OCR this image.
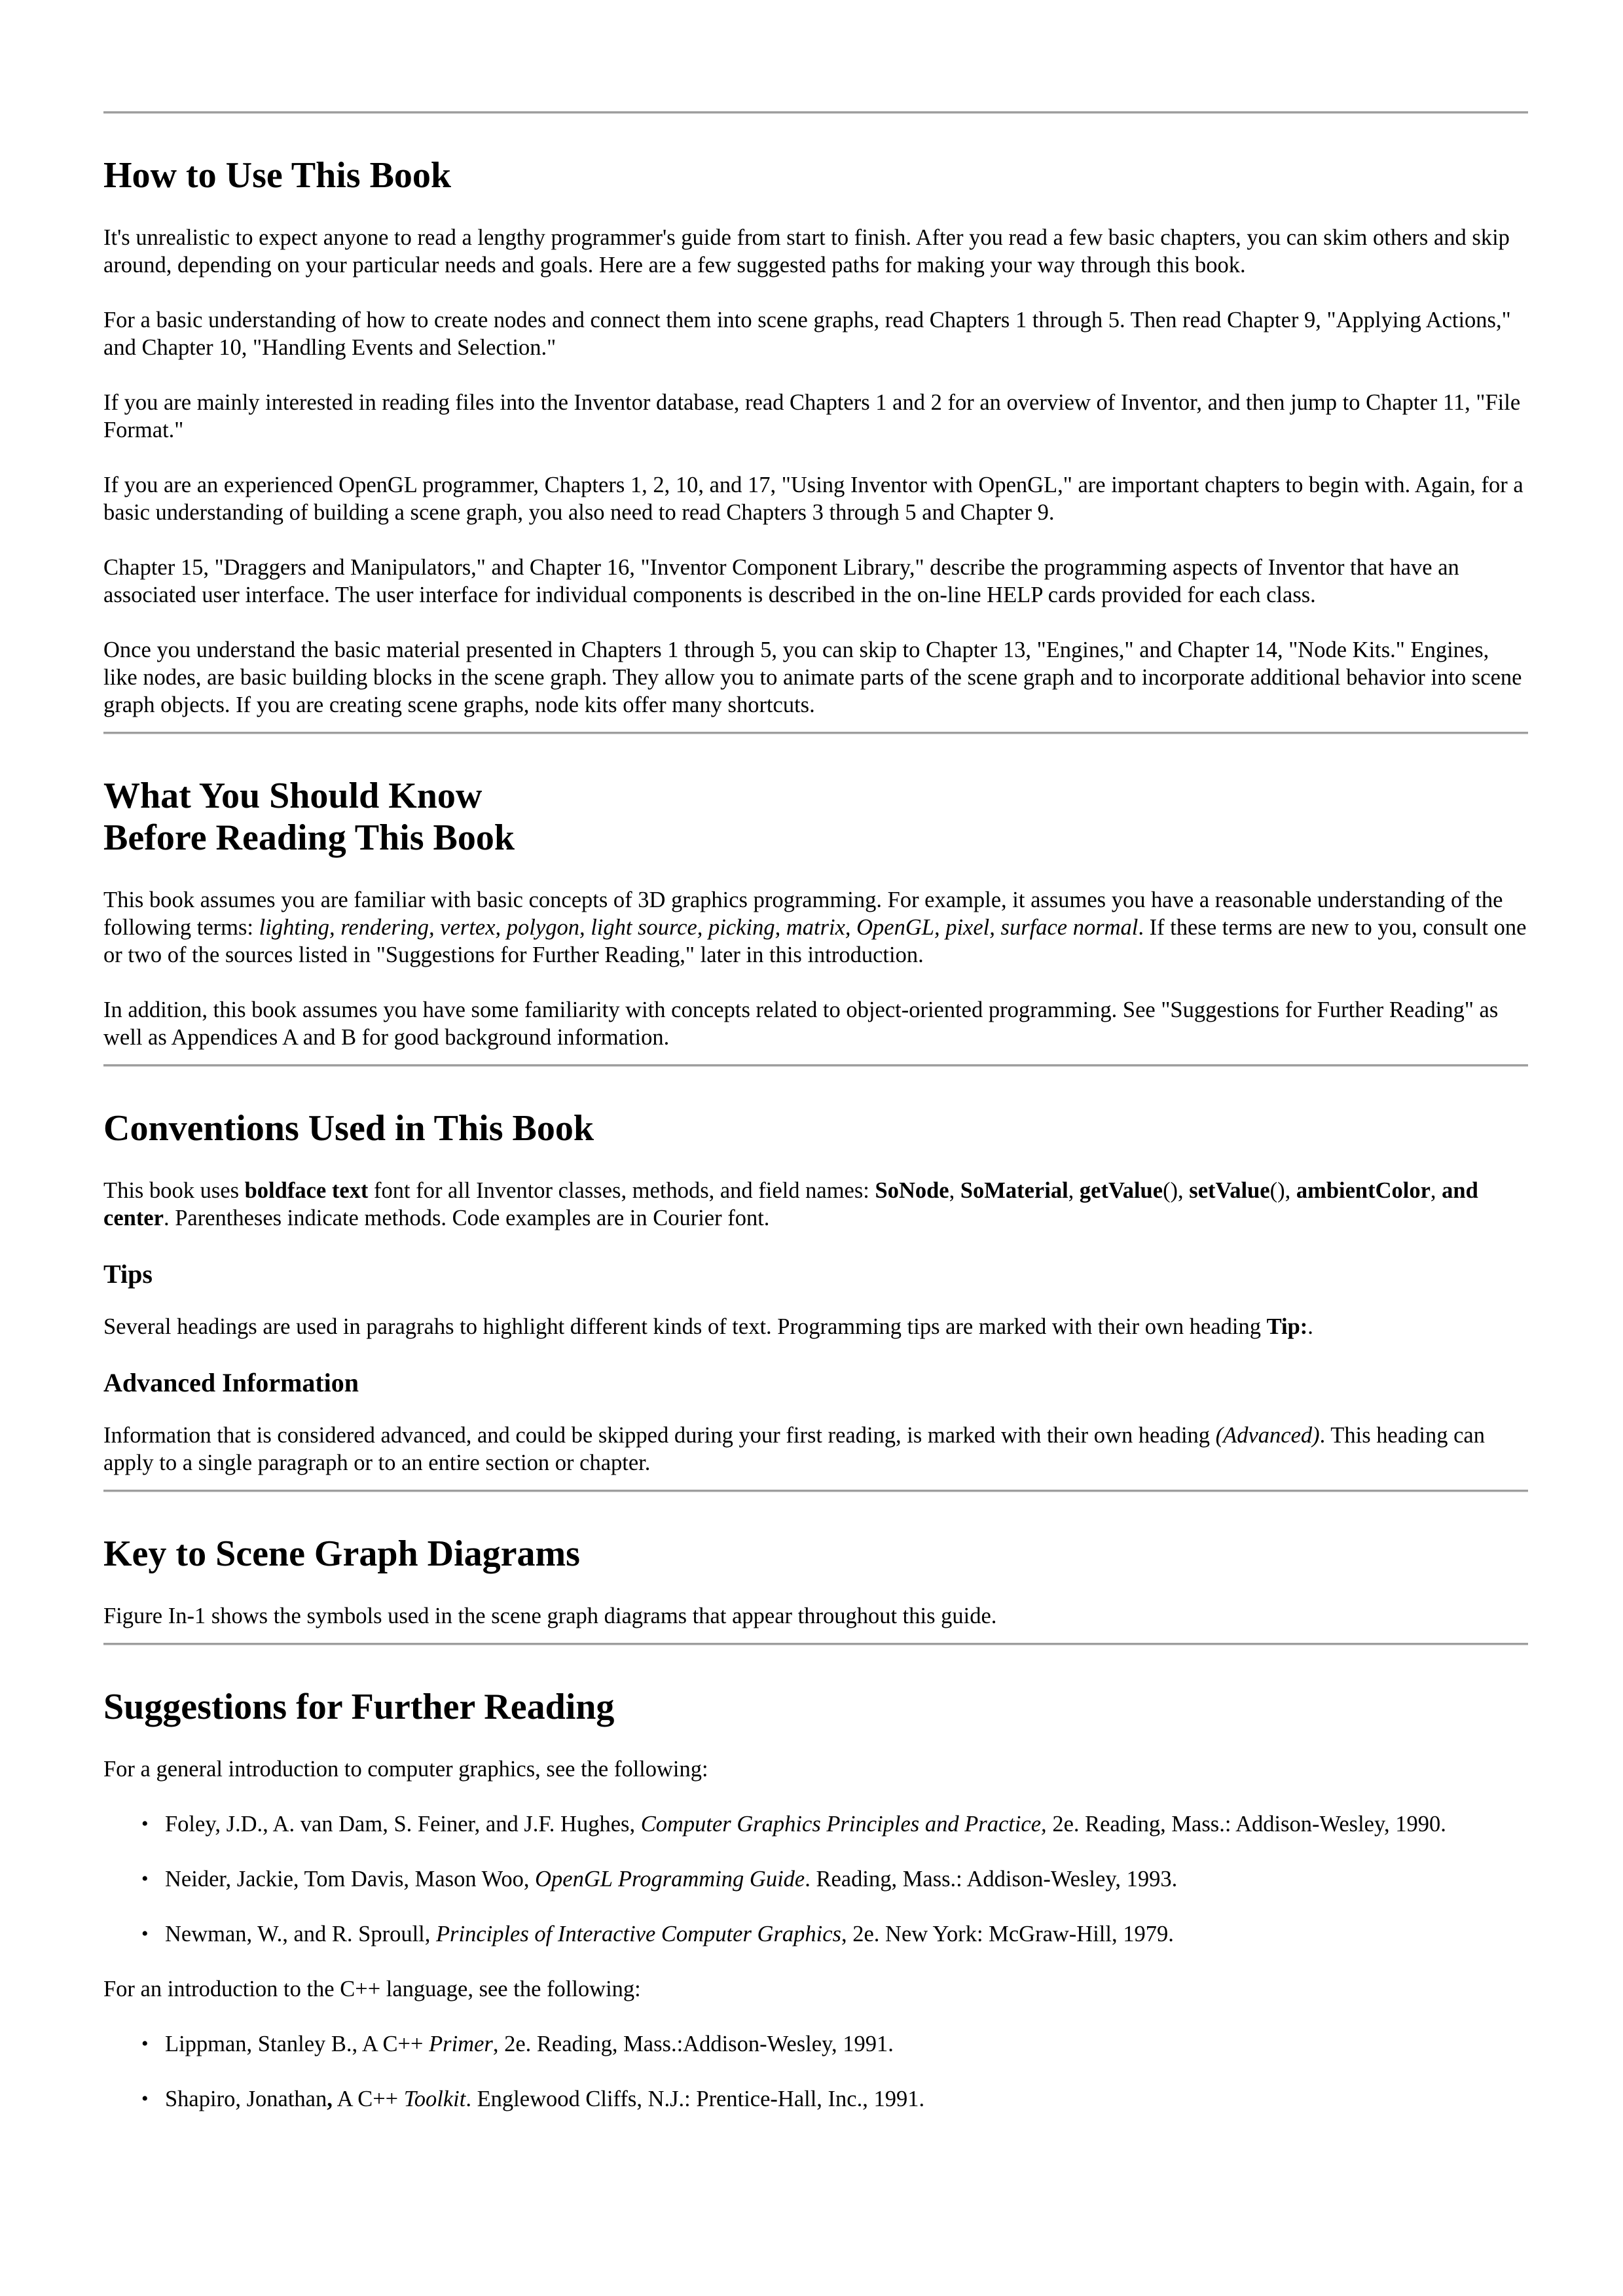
How to Use This Book

It's unrealistic to expect anyone to read a lengthy programmer's guide from start to finish. After you read a few basic chapters, you can skim others and skip around, depending on your particular needs and goals. Here are a few suggested paths for making your way through this book.

For a basic understanding of how to create nodes and connect them into scene graphs, read Chapters 1 through 5. Then read Chapter 9, "Applying Actions," and Chapter 10, "Handling Events and Selection."

If you are mainly interested in reading files into the Inventor database, read Chapters 1 and 2 for an overview of Inventor, and then jump to Chapter 11, "File Format."

If you are an experienced OpenGL programmer, Chapters 1, 2, 10, and 17, "Using Inventor with OpenGL," are important chapters to begin with. Again, for a basic understanding of building a scene graph, you also need to read Chapters 3 through 5 and Chapter 9.

Chapter 15, "Draggers and Manipulators," and Chapter 16, "Inventor Component Library," describe the programming aspects of Inventor that have an associated user interface. The user interface for individual components is described in the on-line HELP cards provided for each class.

Once you understand the basic material presented in Chapters 1 through 5, you can skip to Chapter 13, "Engines," and Chapter 14, "Node Kits." Engines, like nodes, are basic building blocks in the scene graph. They allow you to animate parts of the scene graph and to incorporate additional behavior into scene graph objects. If you are creating scene graphs, node kits offer many shortcuts.

What You Should Know
Before Reading This Book

This book assumes you are familiar with basic concepts of 3D graphics programming. For example, it assumes you have a reasonable understanding of the following terms: lighting, rendering, vertex, polygon, light source, picking, matrix, OpenGL, pixel, surface normal. If these terms are new to you, consult one or two of the sources listed in "Suggestions for Further Reading," later in this introduction.

In addition, this book assumes you have some familiarity with concepts related to object-oriented programming. See "Suggestions for Further Reading" as well as Appendices A and B for good background information.

Conventions Used in This Book

This book uses boldface text font for all Inventor classes, methods, and field names: SoNode, SoMaterial, getValue(), setValue(), ambientColor, and center. Parentheses indicate methods. Code examples are in Courier font.

Tips

Several headings are used in paragrahs to highlight different kinds of text. Programming tips are marked with their own heading Tip:.

Advanced Information

Information that is considered advanced, and could be skipped during your first reading, is marked with their own heading (Advanced). This heading can apply to a single paragraph or to an entire section or chapter.

Key to Scene Graph Diagrams

Figure In-1 shows the symbols used in the scene graph diagrams that appear throughout this guide.

Suggestions for Further Reading

For a general introduction to computer graphics, see the following:

• Foley, J.D., A. van Dam, S. Feiner, and J.F. Hughes, Computer Graphics Principles and Practice, 2e. Reading, Mass.: Addison-Wesley, 1990.
• Neider, Jackie, Tom Davis, Mason Woo, OpenGL Programming Guide. Reading, Mass.: Addison-Wesley, 1993.
• Newman, W., and R. Sproull, Principles of Interactive Computer Graphics, 2e. New York: McGraw-Hill, 1979.

For an introduction to the C++ language, see the following:

• Lippman, Stanley B., A C++ Primer, 2e. Reading, Mass.:Addison-Wesley, 1991.
• Shapiro, Jonathan, A C++ Toolkit. Englewood Cliffs, N.J.: Prentice-Hall, Inc., 1991.
